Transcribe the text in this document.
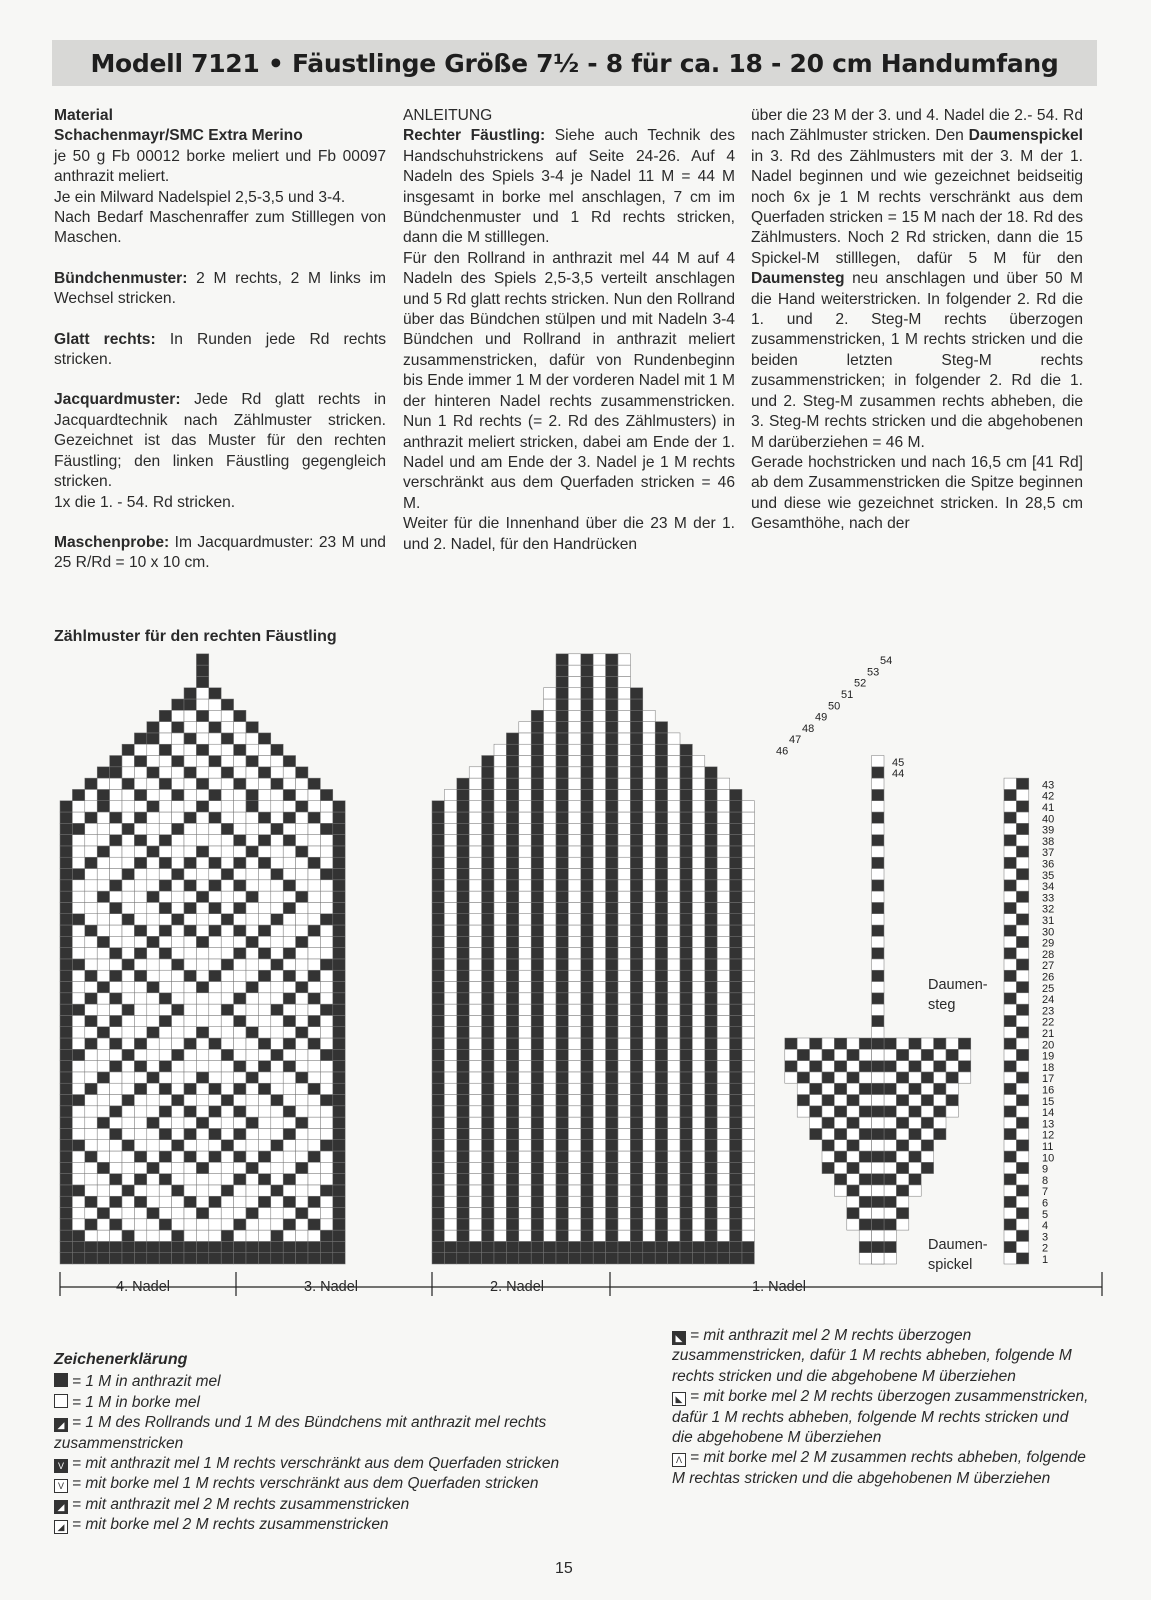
Modell 7121 • Fäustlinge Größe 7½ - 8 für ca. 18 - 20 cm Handumfang

Material

Schachenmayr/SMC Extra Merino

je 50 g Fb 00012 borke meliert und Fb 00097 anthrazit meliert.

Je ein Milward Nadelspiel 2,5-3,5 und 3-4.

Nach Bedarf Maschenraffer zum Stilllegen von Maschen.

Bündchenmuster: 2 M rechts, 2 M links im Wechsel stricken.

Glatt rechts: In Runden jede Rd rechts stricken.

Jacquardmuster: Jede Rd glatt rechts in Jacquardtechnik nach Zählmuster stricken. Gezeichnet ist das Muster für den rechten Fäustling; den linken Fäustling gegengleich stricken.

1x die 1. - 54. Rd stricken.

Maschenprobe: Im Jacquardmuster: 23 M und 25 R/Rd = 10 x 10 cm.

ANLEITUNG

Rechter Fäustling: Siehe auch Technik des Handschuhstrickens auf Seite 24-26. Auf 4 Nadeln des Spiels 3-4 je Nadel 11 M = 44 M insgesamt in borke mel anschlagen, 7 cm im Bündchenmuster und 1 Rd rechts stricken, dann die M stilllegen.

Für den Rollrand in anthrazit mel 44 M auf 4 Nadeln des Spiels 2,5-3,5 verteilt anschlagen und 5 Rd glatt rechts stricken. Nun den Rollrand über das Bündchen stülpen und mit Nadeln 3-4 Bündchen und Rollrand in anthrazit meliert zusammenstricken, dafür von Rundenbeginn bis Ende immer 1 M der vorderen Nadel mit 1 M der hinteren Nadel rechts zusammenstricken. Nun 1 Rd rechts (= 2. Rd des Zählmusters) in anthrazit meliert stricken, dabei am Ende der 1. Nadel und am Ende der 3. Nadel je 1 M rechts verschränkt aus dem Querfaden stricken = 46 M.

Weiter für die Innenhand über die 23 M der 1. und 2. Nadel, für den Handrücken

über die 23 M der 3. und 4. Nadel die 2.- 54. Rd nach Zählmuster stricken. Den Daumenspickel in 3. Rd des Zählmusters mit der 3. M der 1. Nadel beginnen und wie gezeichnet beidseitig noch 6x je 1 M rechts verschränkt aus dem Querfaden stricken = 15 M nach der 18. Rd des Zählmusters. Noch 2 Rd stricken, dann die 15 Spickel-M stilllegen, dafür 5 M für den Daumensteg neu anschlagen und über 50 M die Hand weiterstricken. In folgender 2. Rd die 1. und 2. Steg-M rechts überzogen zusammenstricken, 1 M rechts stricken und die beiden letzten Steg-M rechts zusammenstricken; in folgender 2. Rd die 1. und 2. Steg-M zusammen rechts abheben, die 3. Steg-M rechts stricken und die abgehobenen M darüberziehen = 46 M.

Gerade hochstricken und nach 16,5 cm [41 Rd] ab dem Zusammenstricken die Spitze beginnen und diese wie gezeichnet stricken. In 28,5 cm Gesamthöhe, nach der

Zählmuster für den rechten Fäustling
1
2
3
4
5
6
7
8
9
10
11
12
13
14
15
16
17
18
19
20
21
22
23
24
25
26
27
28
29
30
31
32
33
34
35
36
37
38
39
40
41
42
43
44
45
46
47
48
49
50
51
52
53
54
4. Nadel	3. Nadel	2. Nadel	1. Nadel
Daumen-
steg
Daumen-
spickel
Zeichenerklärung
= 1 M in anthrazit mel
= 1 M in borke mel
◢ = 1 M des Rollrands und 1 M des Bündchens mit anthrazit mel rechts zusammenstricken
V = mit anthrazit mel 1 M rechts verschränkt aus dem Querfaden stricken
V = mit borke mel 1 M rechts verschränkt aus dem Querfaden stricken
◢ = mit anthrazit mel 2 M rechts zusammenstricken
◢ = mit borke mel 2 M rechts zusammenstricken
◣ = mit anthrazit mel 2 M rechts überzogen zusammenstricken, dafür 1 M rechts abheben, folgende M rechts stricken und die abgehobene M überziehen
◣ = mit borke mel 2 M rechts überzogen zusammenstricken, dafür 1 M rechts abheben, folgende M rechts stricken und die abgehobene M überziehen
Λ = mit borke mel 2 M zusammen rechts abheben, folgende M rechtas stricken und die abgehobenen M überziehen
15
